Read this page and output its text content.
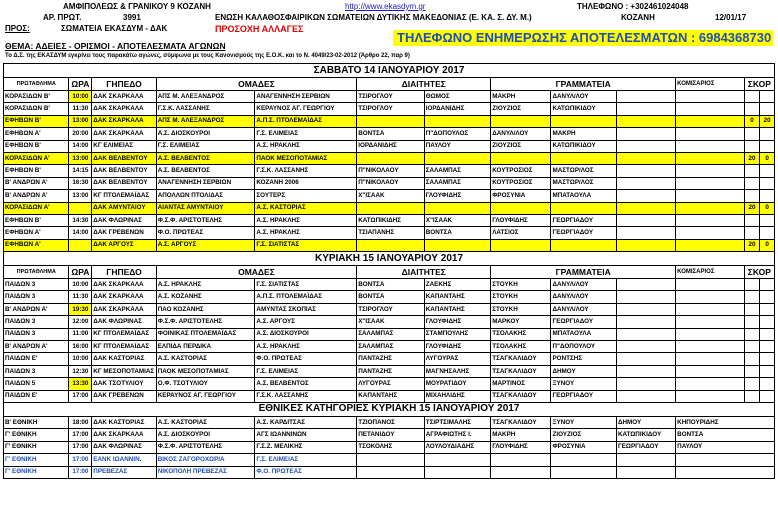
ΑΜΦΙΠΟΛΕΩΣ & ΓΡΑΝΙΚΟΥ 9 ΚΟΖΑΝΗ	http://www.ekasdym.gr	ΤΗΛΕΦΩΝΟ : +302461024048
ΑΡ. ΠΡΩΤ.	3991	ΕΝΩΣΗ ΚΑΛΑΘΟΣΦΑΙΡΙΚΩΝ ΣΩΜΑΤΕΙΩΝ ΔΥΤΙΚΗΣ ΜΑΚΕΔΟΝΙΑΣ (Ε. ΚΑ. Σ. ΔΥ. Μ.)	ΚΟΖΑΝΗ	12/01/17
ΠΡΟΣ:	ΣΩΜΑΤΕΙΑ ΕΚΑΣΔΥΜ - ΔΑΚ	ΠΡΟΣΟΧΗ ΑΛΛΑΓΕΣ
ΤΗΛΕΦΩΝΟ ΕΝΗΜΕΡΩΣΗΣ ΑΠΟΤΕΛΕΣΜΑΤΩΝ : 6984368730
ΘΕΜΑ: ΑΔΕΙΕΣ - ΟΡΙΣΜΟΙ - ΑΠΟΤΕΛΕΣΜΑΤΑ ΑΓΩΝΩΝ
Το Δ.Σ. της ΕΚΑΣΔΥΜ εγκρίνει τους παρακάτω αγώνες, σύμφωνα με τους Κανονισμούς της Ε.Ο.Κ. και το Ν. 4049/23-02-2012 (Άρθρο 22, παρ 9)
ΣΑΒΒΑΤΟ 14 ΙΑΝΟΥΑΡΙΟΥ 2017												
ΠΡΩΤΑΘΛΗΜΑ	ΩΡΑ	ΓΗΠΕΔΟ	ΟΜΑΔΕΣ		ΔΙΑΙΤΗΤΕΣ		ΓΡΑΜΜΑΤΕΙΑ			ΚΟΜΙΣΑΡΙΟΣ	ΣΚΟΡ	
ΚΟΡΑΣΙΔΩΝ Β'	10:00	ΔΑΚ ΣΚΑΡΚΑΛΑ	ΑΠΣ Μ. ΑΛΕΞΑΝΔΡΟΣ	ΑΝΑΓΕΝΝΗΣΗ ΣΕΡΒΙΩΝ	ΤΣΙΡΟΓΛΟΥ	ΘΩΜΟΣ	ΜΑΚΡΗ	ΔΑΝΥΛ/ΛΟΥ				
ΚΟΡΑΣΙΔΩΝ Β'	11:30	ΔΑΚ ΣΚΑΡΚΑΛΑ	Γ.Σ.Κ. ΛΑΣΣΑΝΗΣ	ΚΕΡΑΥΝΟΣ ΑΓ. ΓΕΩΡΓΙΟΥ	ΤΣΙΡΟΓΛΟΥ	ΙΟΡΔΑΝΙΔΗΣ	ΖΙΟΥΖΙΟΣ	ΚΑΤΩΠΙΚΙΔΟΥ				
ΕΦΗΒΩΝ Β'	13:00	ΔΑΚ ΣΚΑΡΚΑΛΑ	ΑΠΣ Μ. ΑΛΕΞΑΝΔΡΟΣ	Α.Π.Σ. ΠΤΟΛΕΜΑΪΔΑΣ							0	20
ΕΦΗΒΩΝ Α'	20:00	ΔΑΚ ΣΚΑΡΚΑΛΑ	Α.Σ. ΔΙΟΣΚΟΥΡΟΙ	Γ.Σ. ΕΛΙΜΕΙΑΣ	ΒΟΝΤΣΑ	Π"ΔΟΠΟΥΛΟΣ	ΔΑΝΥΛ/ΛΟΥ	ΜΑΚΡΗ				
ΕΦΗΒΩΝ Β'	14:00	ΚΓ ΕΛΙΜΕΙΑΣ	Γ.Σ. ΕΛΙΜΕΙΑΣ	Α.Σ. ΗΡΑΚΛΗΣ	ΙΟΡΔΑΝΙΔΗΣ	ΠΑΥΛΟΥ	ΖΙΟΥΖΙΟΣ	ΚΑΤΩΠΙΚΙΔΟΥ				
ΚΟΡΑΣΙΔΩΝ Α'	13:00	ΔΑΚ ΒΕΛΒΕΝΤΟΥ	Α.Σ. ΒΕΛΒΕΝΤΟΣ	ΠΑΟΚ ΜΕΣΟΠΟΤΑΜΙΑΣ							20	0
ΕΦΗΒΩΝ Β'	14:15	ΔΑΚ ΒΕΛΒΕΝΤΟΥ	Α.Σ. ΒΕΛΒΕΝΤΟΣ	Γ.Σ.Κ. ΛΑΣΣΑΝΗΣ	Π"ΝΙΚΟΛΑΟΥ	ΣΑΛΑΜΠΑΣ	ΚΟΥΤΡΟΣΙΟΣ	ΜΑΣΤΩΡ/ΛΟΣ				
Β' ΑΝΔΡΩΝ Α'	16:30	ΔΑΚ ΒΕΛΒΕΝΤΟΥ	ΑΝΑΓΕΝΝΗΣΗ ΣΕΡΒΙΩΝ	ΚΟΖΑΝΗ 2006	Π"ΝΙΚΟΛΑΟΥ	ΣΑΛΑΜΠΑΣ	ΚΟΥΤΡΟΣΙΟΣ	ΜΑΣΤΩΡ/ΛΟΣ				
Β' ΑΝΔΡΩΝ Α'	13:00	ΚΓ ΠΤΟΛΕΜΑΪΔΑΣ	ΑΠΟΛΛΩΝ ΠΤΟΛ/ΔΑΣ	ΣΟΥΤΕΡΣ	Χ"ΙΣΑΑΚ	ΓΛΟΥΦΙΔΗΣ	ΦΡΟΣΥΝΙΑ	ΜΠΑΤΑΟΥΛΑ				
ΚΟΡΑΣΙΔΩΝ Α'		ΔΑΚ ΑΜΥΝΤΑΙΟΥ	ΑΙΑΝΤΑΣ ΑΜΥΝΤΑΙΟΥ	Α.Σ. ΚΑΣΤΟΡΙΑΣ							20	0
ΕΦΗΒΩΝ Β'	14:30	ΔΑΚ ΦΛΩΡΙΝΑΣ	Φ.Σ.Φ. ΑΡΙΣΤΟΤΕΛΗΣ	Α.Σ. ΗΡΑΚΛΗΣ	ΚΑΤΩΠΙΚΙΔΗΣ	Χ"ΙΣΑΑΚ	ΓΛΟΥΦΙΔΗΣ	ΓΕΩΡΓΙΑΔΟΥ				
ΕΦΗΒΩΝ Α'	14:00	ΔΑΚ ΓΡΕΒΕΝΩΝ	Φ.Ο. ΠΡΩΤΕΑΣ	Α.Σ. ΗΡΑΚΛΗΣ	ΤΣΙΑΠΑΝΗΣ	ΒΟΝΤΣΑ	ΛΑΤΣΙΟΣ	ΓΕΩΡΓΙΑΔΟΥ				
ΕΦΗΒΩΝ Α'		ΔΑΚ ΑΡΓΟΥΣ	Α.Σ. ΑΡΓΟΥΣ	Γ.Σ. ΣΙΑΤΙΣΤΑΣ							20	0
ΚΥΡΙΑΚΗ 15 ΙΑΝΟΥΑΡΙΟΥ 2017												
ΠΡΩΤΑΘΛΗΜΑ	ΩΡΑ	ΓΗΠΕΔΟ	ΟΜΑΔΕΣ		ΔΙΑΙΤΗΤΕΣ		ΓΡΑΜΜΑΤΕΙΑ			ΚΟΜΙΣΑΡΙΟΣ	ΣΚΟΡ	
ΠΑΙΔΩΝ 3	10:00	ΔΑΚ ΣΚΑΡΚΑΛΑ	Α.Σ. ΗΡΑΚΛΗΣ	Γ.Σ. ΣΙΑΤΙΣΤΑΣ	ΒΟΝΤΣΑ	ΖΑΕΚΗΣ	ΣΤΟΥΚΗ	ΔΑΝΥΛ/ΛΟΥ				
ΠΑΙΔΩΝ 3	11:30	ΔΑΚ ΣΚΑΡΚΑΛΑ	Α.Σ. ΚΟΖΑΝΗΣ	Α.Π.Σ. ΠΤΟΛΕΜΑΪΔΑΣ	ΒΟΝΤΣΑ	ΚΑΠΑΝΤΑΗΣ	ΣΤΟΥΚΗ	ΔΑΝΥΛ/ΛΟΥ				
Β' ΑΝΔΡΩΝ Α'	19:30	ΔΑΚ ΣΚΑΡΚΑΛΑ	ΠΑΟ ΚΟΖΑΝΗΣ	ΑΜΥΝΤΑΣ ΣΚΟΠΙΑΣ	ΤΣΙΡΟΓΛΟΥ	ΚΑΠΑΝΤΑΗΣ	ΣΤΟΥΚΗ	ΔΑΝΥΛ/ΛΟΥ				
ΠΑΙΔΩΝ 3	12:00	ΔΑΚ ΦΛΩΡΙΝΑΣ	Φ.Σ.Φ. ΑΡΙΣΤΟΤΕΛΗΣ	Α.Σ. ΑΡΓΟΥΣ	Χ"ΙΣΑΑΚ	ΓΛΟΥΦΙΔΗΣ	ΜΑΡΚΟΥ	ΓΕΩΡΓΙΑΔΟΥ				
ΠΑΙΔΩΝ 3	11:00	ΚΓ ΠΤΟΛΕΜΑΪΔΑΣ	ΦΟΙΝΙΚΑΣ ΠΤΟΛΕΜΑΪΔΑΣ	Α.Σ. ΔΙΟΣΚΟΥΡΟΙ	ΣΑΛΑΜΠΑΣ	ΣΤΑΜΠΟΥΛΗΣ	ΤΣΟΛΑΚΗΣ	ΜΠΑΤΑΟΥΛΑ				
Β' ΑΝΔΡΩΝ Α'	16:00	ΚΓ ΠΤΟΛΕΜΑΪΔΑΣ	ΕΛΠΙΔΑ ΠΕΡΔΙΚΑ	Α.Σ. ΗΡΑΚΛΗΣ	ΣΑΛΑΜΠΑΣ	ΓΛΟΥΦΙΔΗΣ	ΤΣΟΛΑΚΗΣ	Π"ΔΟΠΟΥΛΟΥ				
ΠΑΙΔΩΝ Ε'	10:00	ΔΑΚ ΚΑΣΤΟΡΙΑΣ	Α.Σ. ΚΑΣΤΟΡΙΑΣ	Φ.Ο. ΠΡΩΤΕΑΣ	ΠΑΝΤΑΖΗΣ	ΛΥΓΟΥΡΑΣ	ΤΣΑΓΚΑΛΙΔΟΥ	ΡΟΝΤΣΗΣ				
ΠΑΙΔΩΝ 3	12:30	ΚΓ ΜΕΣΟΠΟΤΑΜΙΑΣ	ΠΑΟΚ ΜΕΣΟΠΟΤΑΜΙΑΣ	Γ.Σ. ΕΛΙΜΕΙΑΣ	ΠΑΝΤΑΖΗΣ	ΜΑΓΝΗΣΑΛΗΣ	ΤΣΑΓΚΑΛΙΔΟΥ	ΔΗΜΟΥ				
ΠΑΙΔΩΝ 5	13:30	ΔΑΚ ΤΣΟΤΥΛΙΟΥ	Ο.Φ. ΤΣΟΤΥΛΙΟΥ	Α.Σ. ΒΕΛΒΕΝΤΟΣ	ΛΥΓΟΥΡΑΣ	ΜΟΥΡΑΤΙΔΟΥ	ΜΑΡΤΙΝΟΣ	ΞΥΝΟΥ				
ΠΑΙΔΩΝ Ε'	17:00	ΔΑΚ ΓΡΕΒΕΝΩΝ	ΚΕΡΑΥΝΟΣ ΑΓ. ΓΕΩΡΓΙΟΥ	Γ.Σ.Κ. ΛΑΣΣΑΝΗΣ	ΚΑΠΑΝΤΑΗΣ	ΜΙΧΑΗΛΙΔΗΣ	ΤΣΑΓΚΑΛΙΔΟΥ	ΓΕΩΡΓΙΑΔΟΥ				
ΕΘΝΙΚΕΣ ΚΑΤΗΓΟΡΙΕΣ ΚΥΡΙΑΚΗ 15 ΙΑΝΟΥΑΡΙΟΥ 2017												
Β' ΕΘΝΙΚΗ	18:00	ΔΑΚ ΚΑΣΤΟΡΙΑΣ	Α.Σ. ΚΑΣΤΟΡΙΑΣ	Α.Σ. ΚΑΡΔΙΤΣΑΣ	ΤΖΙΟΠΑΝΟΣ	ΤΣΙΡΤΣΙΜΑΛΗΣ	ΤΣΑΓΚΑΛΙΔΟΥ	ΞΥΝΟΥ	ΔΗΜΟΥ	ΚΗΠΟΥΡΙΔΗΣ		
Γ' ΕΘΝΙΚΗ	17:00	ΔΑΚ ΣΚΑΡΚΑΛΑ	Α.Σ. ΔΙΟΣΚΟΥΡΟΙ	ΑΓΣ ΙΩΑΝΝΙΝΩΝ	ΠΕΤΑΝΙΔΟΥ	ΑΓΡΑΦΙΩΤΗΣ Ι.	ΜΑΚΡΗ	ΖΙΟΥΖΙΟΣ	ΚΑΤΩΠΙΚΙΔΟΥ	ΒΟΝΤΣΑ		
Γ' ΕΘΝΙΚΗ	17:00	ΔΑΚ ΦΛΩΡΙΝΑΣ	Φ.Σ.Φ. ΑΡΙΣΤΟΤΕΛΗΣ	Γ.Σ.Ζ. ΜΕΛΙΚΗΣ	ΤΣΟΚΟΛΗΣ	ΛΟΥΛΟΥΔΙΑΔΗΣ	ΓΛΟΥΦΙΔΗΣ	ΦΡΟΣΥΝΙΑ	ΓΕΩΡΓΙΑΔΟΥ	ΠΑΥΛΟΥ		
Γ' ΕΘΝΙΚΗ	17:00	ΕΑΝΚ ΙΩΑΝΝΙΝ.	ΒΙΚΟΣ ΖΑΓΟΡΟΧΩΡΙΑ	Γ.Σ. ΕΛΙΜΕΙΑΣ								
Γ' ΕΘΝΙΚΗ	17:00	ΠΡΕΒΕΖΑΣ	ΝΙΚΟΠΟΛΗ ΠΡΕΒΕΖΑΣ	Φ.Ο. ΠΡΩΤΕΑΣ								
